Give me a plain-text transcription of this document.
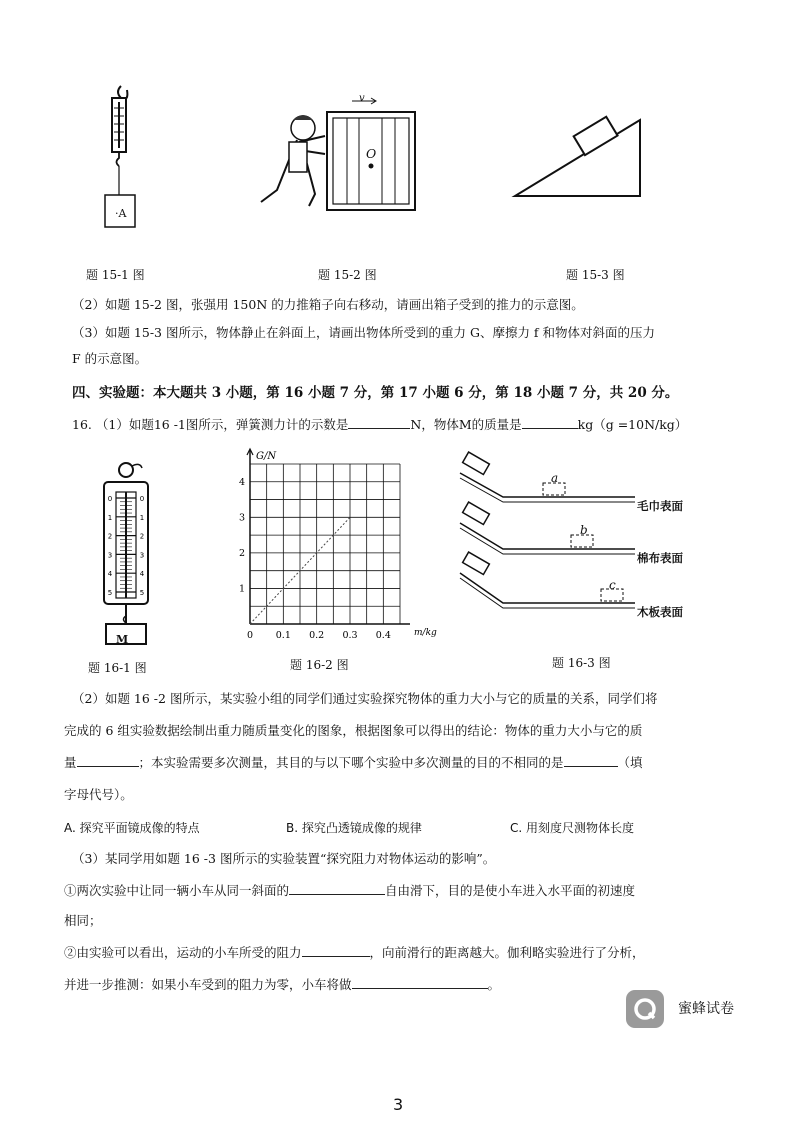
·A
题 15-1 图
v
O
题 15-2 图	题 15-3 图
（2）如题 15-2 图，张强用 150N 的力推箱子向右移动，请画出箱子受到的推力的示意图。
（3）如题 15-3 图所示，物体静止在斜面上，请画出物体所受到的重力 G、摩擦力 f 和物体对斜面的压力
F 的示意图。
四、实验题：本大题共 3 小题，第 16 小题 7 分，第 17 小题 6 分，第 18 小题 7 分，共 20 分。
16. （1）如题16 -1图所示，弹簧测力计的示数是	N，物体M的质量是	kg（g =10N/kg）
0	0
1	1
2	2
3	3
4	4
5	5
M
题 16-1 图
G/N
m/kg
0 0.1 0.2 0.3 0.4
1
2
3
4
题 16-2 图
a
b
c
毛巾表面
棉布表面
木板表面
题 16-3 图
（2）如题 16 -2 图所示，某实验小组的同学们通过实验探究物体的重力大小与它的质量的关系，同学们将
完成的 6 组实验数据绘制出重力随质量变化的图象，根据图象可以得出的结论：物体的重力大小与它的质
量	；本实验需要多次测量，其目的与以下哪个实验中多次测量的目的不相同的是	（填
字母代号）。
A. 探究平面镜成像的特点	B. 探究凸透镜成像的规律	C. 用刻度尺测物体长度
（3）某同学用如题 16 -3 图所示的实验装置“探究阻力对物体运动的影响”。
①两次实验中让同一辆小车从同一斜面的	自由滑下，目的是使小车进入水平面的初速度
相同；
②由实验可以看出，运动的小车所受的阻力	，向前滑行的距离越大。伽利略实验进行了分析，
并进一步推测：如果小车受到的阻力为零，小车将做	。
蜜蜂试卷
3
